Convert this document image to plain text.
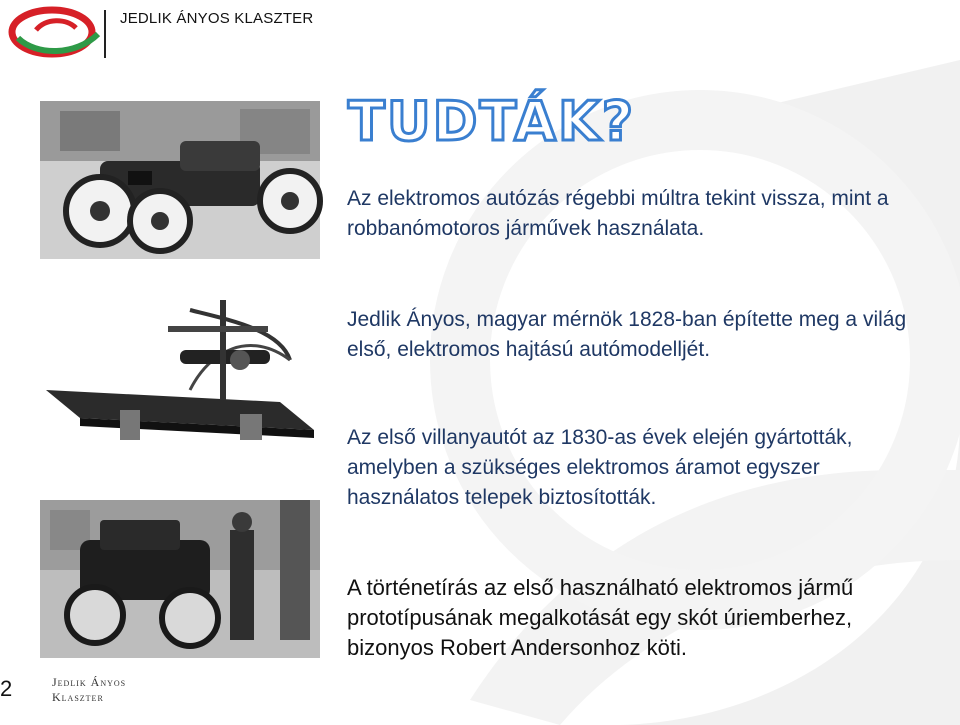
JEDLIK ÁNYOS KLASZTER
TUDTÁK?

Az elektromos autózás régebbi múltra tekint vissza, mint a robbanómotoros járművek használata.

Jedlik Ányos, magyar mérnök 1828-ban építette meg a világ első, elektromos hajtású autómodelljét.

Az első villanyautót az 1830-as évek elején gyártották, amelyben a szükséges elektromos áramot egyszer használatos telepek biztosították.

A történetírás az első használható elektromos jármű prototípusának megalkotását egy skót úriemberhez, bizonyos Robert Andersonhoz köti.

2	Jedlik Ányos
Klaszter
